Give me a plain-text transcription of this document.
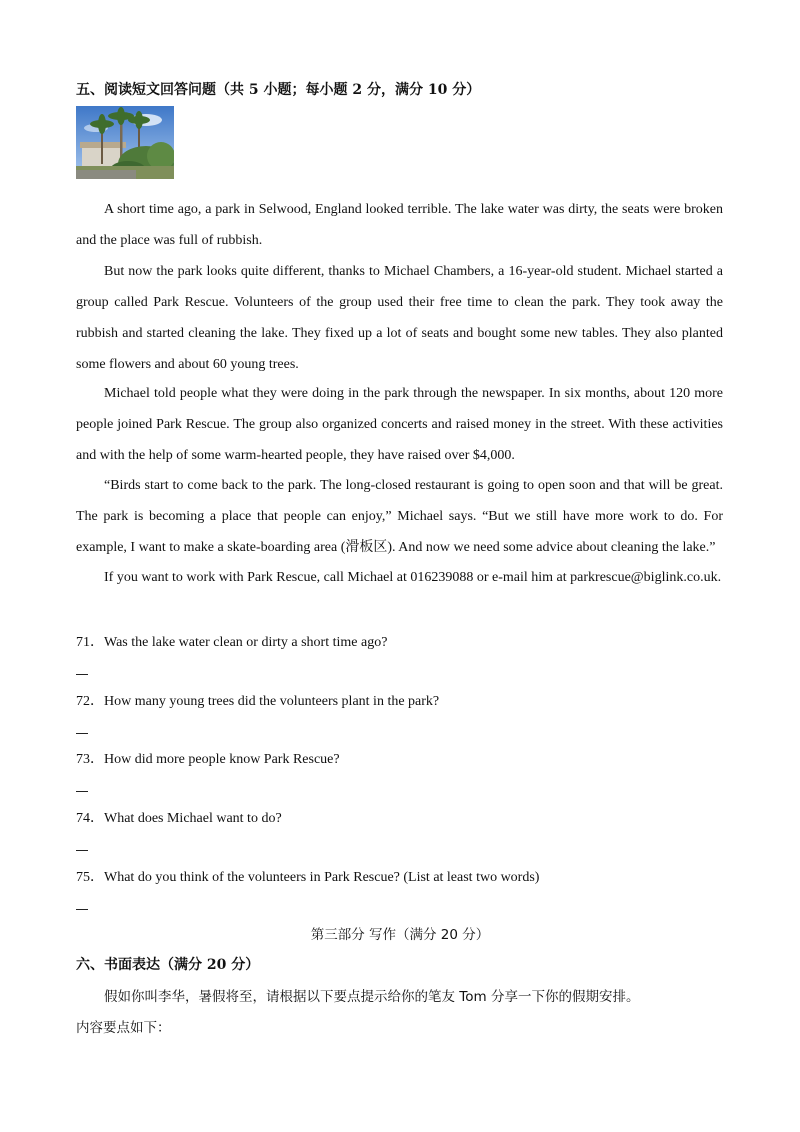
五、阅读短文回答问题（共 5 小题；每小题 2 分，满分 10 分）
A short time ago, a park in Selwood, England looked terrible. The lake water was dirty, the seats were broken and the place was full of rubbish.
But now the park looks quite different, thanks to Michael Chambers, a 16-year-old student. Michael started a group called Park Rescue. Volunteers of the group used their free time to clean the park. They took away the rubbish and started cleaning the lake. They fixed up a lot of seats and bought some new tables. They also planted some flowers and about 60 young trees.
Michael told people what they were doing in the park through the newspaper. In six months, about 120 more people joined Park Rescue. The group also organized concerts and raised money in the street. With these activities and with the help of some warm-hearted people, they have raised over $4,000.
“Birds start to come back to the park. The long-closed restaurant is going to open soon and that will be great. The park is becoming a place that people can enjoy,” Michael says. “But we still have more work to do. For example, I want to make a skate-boarding area (滑板区). And now we need some advice about cleaning the lake.”
If you want to work with Park Rescue, call Michael at 016239088 or e-mail him at parkrescue@biglink.co.uk.
71．Was the lake water clean or dirty a short time ago?
72．How many young trees did the volunteers plant in the park?
73．How did more people know Park Rescue?
74．What does Michael want to do?
75．What do you think of the volunteers in Park Rescue? (List at least two words)
第三部分 写作（满分 20 分）
六、书面表达（满分 20 分）
假如你叫李华，暑假将至，请根据以下要点提示给你的笔友 Tom 分享一下你的假期安排。
内容要点如下：
